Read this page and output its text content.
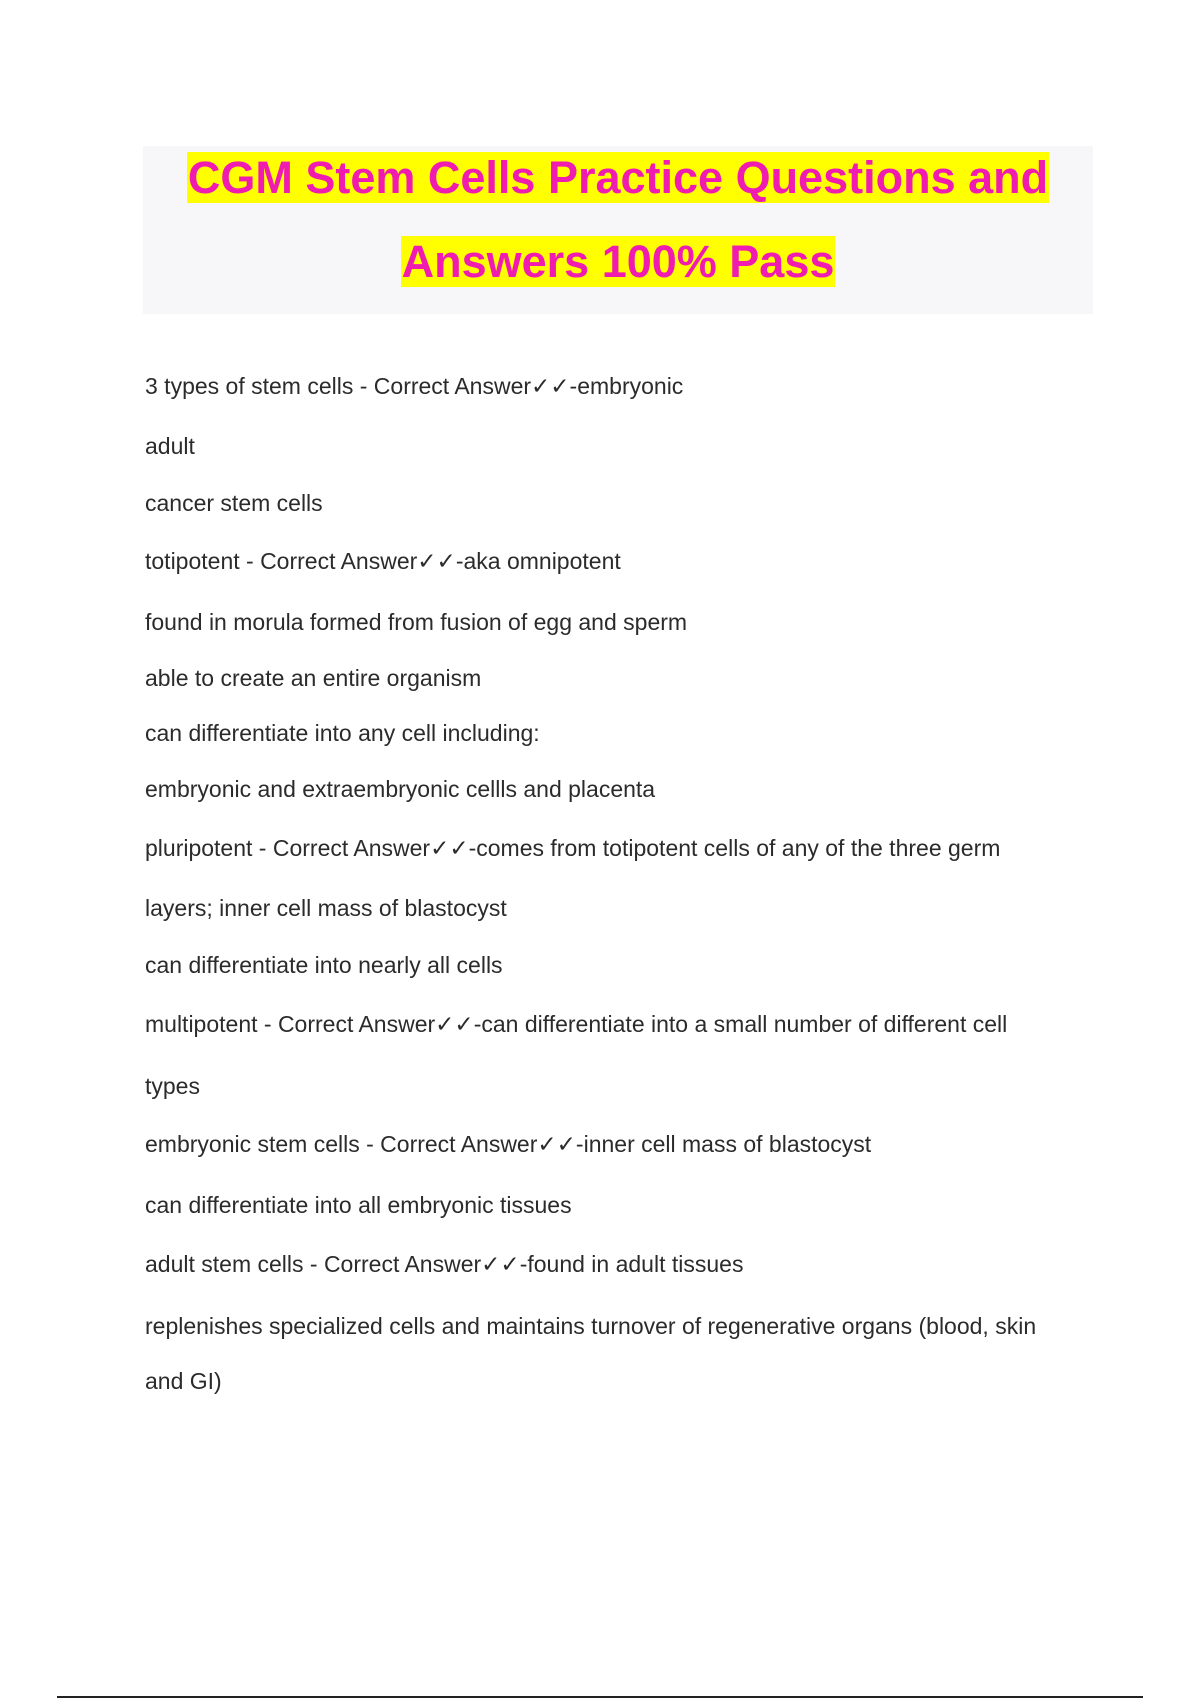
CGM Stem Cells Practice Questions and
Answers 100% Pass
3 types of stem cells - Correct Answer✓✓-embryonic
adult
cancer stem cells
totipotent - Correct Answer✓✓-aka omnipotent
found in morula formed from fusion of egg and sperm
able to create an entire organism
can differentiate into any cell including:
embryonic and extraembryonic cellls and placenta
pluripotent - Correct Answer✓✓-comes from totipotent cells of any of the three germ
layers; inner cell mass of blastocyst
can differentiate into nearly all cells
multipotent - Correct Answer✓✓-can differentiate into a small number of different cell
types
embryonic stem cells - Correct Answer✓✓-inner cell mass of blastocyst
can differentiate into all embryonic tissues
adult stem cells - Correct Answer✓✓-found in adult tissues
replenishes specialized cells and maintains turnover of regenerative organs (blood, skin
and GI)
